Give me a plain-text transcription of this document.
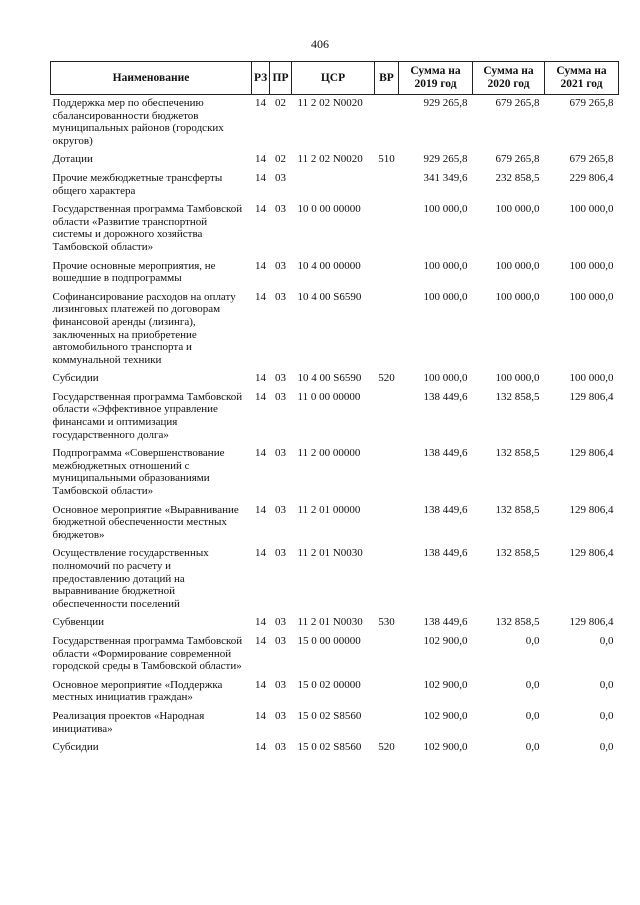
406
Наименование	РЗ	ПР	ЦСР	ВР	Сумма на 2019 год	Сумма на 2020 год	Сумма на 2021 год
Поддержка мер по обеспечению сбалансированности бюджетов муниципальных районов (городских округов)	14	02	11 2 02 N0020		929 265,8	679 265,8	679 265,8
Дотации	14	02	11 2 02 N0020	510	929 265,8	679 265,8	679 265,8
Прочие межбюджетные трансферты общего характера	14	03			341 349,6	232 858,5	229 806,4
Государственная программа Тамбовской области «Развитие транспортной системы и дорожного хозяйства Тамбовской области»	14	03	10 0 00 00000		100 000,0	100 000,0	100 000,0
Прочие основные мероприятия, не вошедшие в подпрограммы	14	03	10 4 00 00000		100 000,0	100 000,0	100 000,0
Софинансирование расходов на оплату лизинговых платежей по договорам финансовой аренды (лизинга), заключенных на приобретение автомобильного транспорта и коммунальной техники	14	03	10 4 00 S6590		100 000,0	100 000,0	100 000,0
Субсидии	14	03	10 4 00 S6590	520	100 000,0	100 000,0	100 000,0
Государственная программа Тамбовской области «Эффективное управление финансами и оптимизация государственного долга»	14	03	11 0 00 00000		138 449,6	132 858,5	129 806,4
Подпрограмма «Совершенствование межбюджетных отношений с муниципальными образованиями Тамбовской области»	14	03	11 2 00 00000		138 449,6	132 858,5	129 806,4
Основное мероприятие «Выравнивание бюджетной обеспеченности местных бюджетов»	14	03	11 2 01 00000		138 449,6	132 858,5	129 806,4
Осуществление государственных полномочий по расчету и предоставлению дотаций на выравнивание бюджетной обеспеченности поселений	14	03	11 2 01 N0030		138 449,6	132 858,5	129 806,4
Субвенции	14	03	11 2 01 N0030	530	138 449,6	132 858,5	129 806,4
Государственная программа Тамбовской области «Формирование современной городской среды в Тамбовской области»	14	03	15 0 00 00000		102 900,0	0,0	0,0
Основное мероприятие «Поддержка местных инициатив граждан»	14	03	15 0 02 00000		102 900,0	0,0	0,0
Реализация проектов «Народная инициатива»	14	03	15 0 02 S8560		102 900,0	0,0	0,0
Субсидии	14	03	15 0 02 S8560	520	102 900,0	0,0	0,0
